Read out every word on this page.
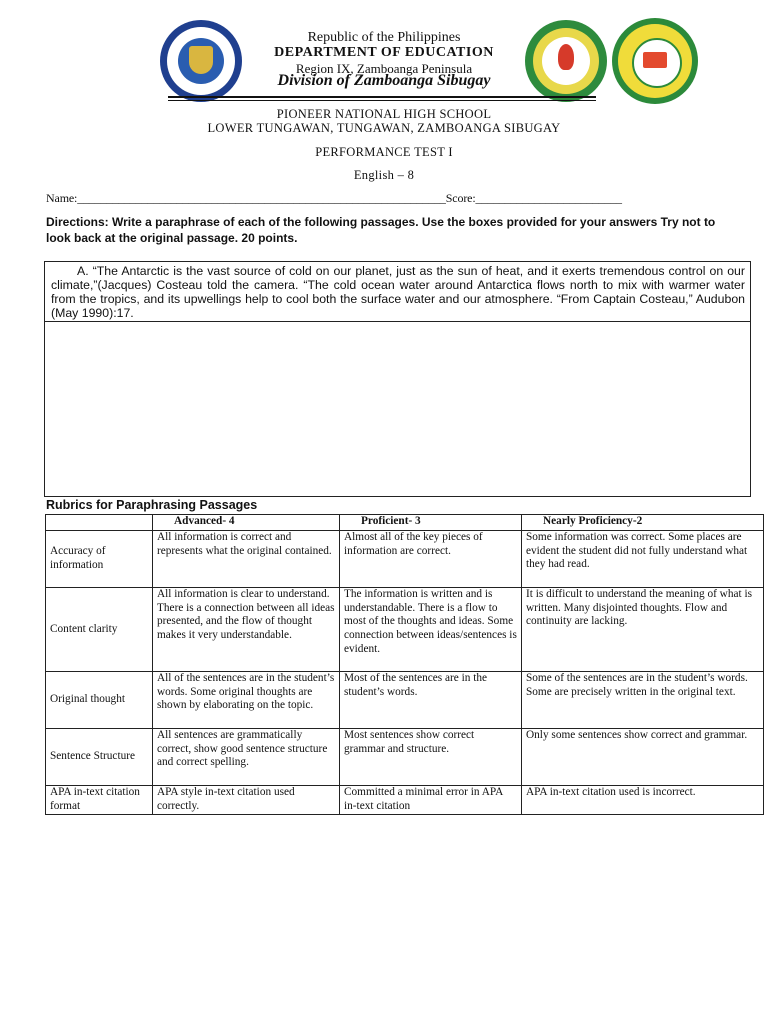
Republic of the Philippines
DEPARTMENT OF EDUCATION
Region IX, Zamboanga Peninsula
Division of Zamboanga Sibugay
PIONEER NATIONAL HIGH SCHOOL
LOWER TUNGAWAN, TUNGAWAN, ZAMBOANGA SIBUGAY
PERFORMANCE TEST I
English – 8
Name:_______________________________________________________________Score:_________________________
Directions: Write a paraphrase of each of the following passages. Use the boxes provided for your answers Try not to look back at the original passage. 20 points.
A. “The Antarctic is the vast source of cold on our planet, just as the sun of heat, and it exerts tremendous control on our climate,”(Jacques) Costeau told the camera. “The cold ocean water around Antarctica flows north to mix with warmer water from the tropics, and its upwellings help to cool both the surface water and our atmosphere. “From Captain Costeau,” Audubon (May 1990):17.
Rubrics for Paraphrasing Passages
	Advanced- 4	Proficient- 3	Nearly Proficiency-2
Accuracy of information	All information is correct and represents what the original contained.	Almost all of the key pieces of information are correct.	Some information was correct. Some places are evident the student did not fully understand what they had read.
Content clarity	All information is clear to understand. There is a connection between all ideas presented, and the flow of thought makes it very understandable.	The information is written and is understandable. There is a flow to most of the thoughts and ideas. Some connection between ideas/sentences is evident.	It is difficult to understand the meaning of what is written. Many disjointed thoughts. Flow and continuity are lacking.
Original thought	All of the sentences are in the student’s words. Some original thoughts are shown by elaborating on the topic.	Most of the sentences are in the student’s words.	Some of the sentences are in the student’s words. Some are precisely written in the original text.
Sentence Structure	All sentences are grammatically correct, show good sentence structure and correct spelling.	Most sentences show correct grammar and structure.	Only some sentences show correct and grammar.
APA in-text citation format	APA style in-text citation used correctly.	Committed a minimal error in APA in-text citation	APA in-text citation used is incorrect.
